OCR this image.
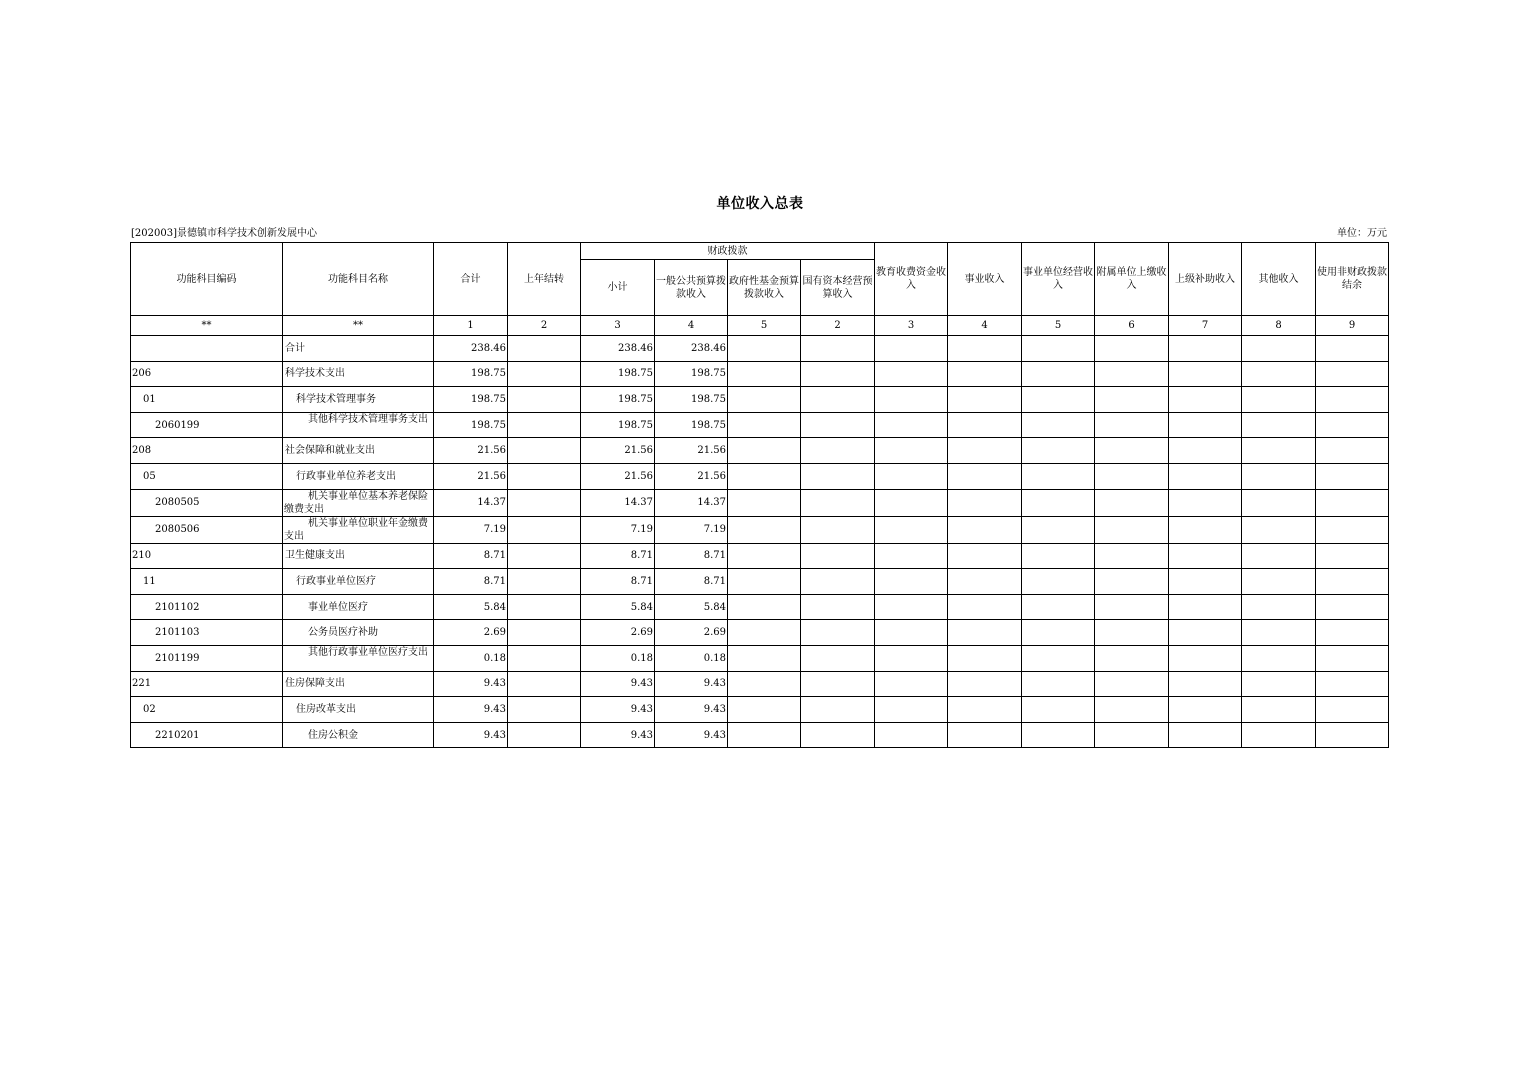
单位收入总表
[202003]景德镇市科学技术创新发展中心	单位：万元
功能科目编码	功能科目名称	合计	上年结转	财政拨款				教育收费资金收入	事业收入	事业单位经营收入	附属单位上缴收入	上级补助收入	其他收入	使用非财政拨款结余
				小计	一般公共预算拨款收入	政府性基金预算拨款收入	国有资本经营预算收入							
**	**	1	2	3	4	5	2	3	4	5	6	7	8	9
	合计	238.46		238.46	238.46									
206	科学技术支出	198.75		198.75	198.75									
01	科学技术管理事务	198.75		198.75	198.75									
2060199	其他科学技术管理事务支出	198.75		198.75	198.75									
208	社会保障和就业支出	21.56		21.56	21.56									
05	行政事业单位养老支出	21.56		21.56	21.56									
2080505	机关事业单位基本养老保险缴费支出	14.37		14.37	14.37									
2080506	机关事业单位职业年金缴费支出	7.19		7.19	7.19									
210	卫生健康支出	8.71		8.71	8.71									
11	行政事业单位医疗	8.71		8.71	8.71									
2101102	事业单位医疗	5.84		5.84	5.84									
2101103	公务员医疗补助	2.69		2.69	2.69									
2101199	其他行政事业单位医疗支出	0.18		0.18	0.18									
221	住房保障支出	9.43		9.43	9.43									
02	住房改革支出	9.43		9.43	9.43									
2210201	住房公积金	9.43		9.43	9.43									
